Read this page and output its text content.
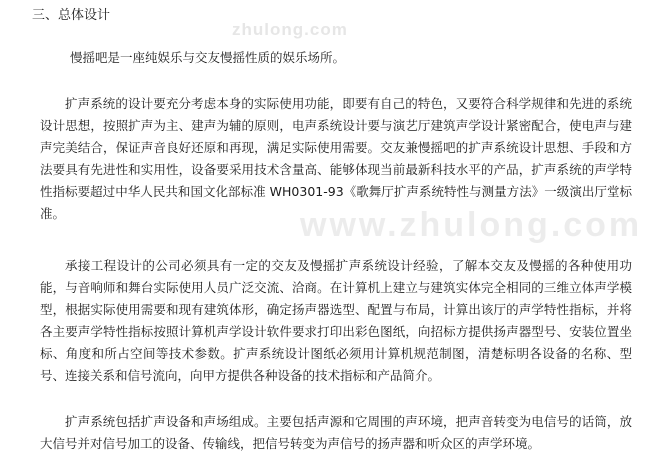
zhulong.com
www.zhulong.com
三、总体设计

慢摇吧是一座纯娱乐与交友慢摇性质的娱乐场所。

扩声系统的设计要充分考虑本身的实际使用功能，即要有自己的特色，又要符合科学规律和先进的系统设计思想，按照扩声为主、建声为辅的原则，电声系统设计要与演艺厅建筑声学设计紧密配合，使电声与建声完美结合，保证声音良好还原和再现，满足实际使用需要。交友兼慢摇吧的扩声系统设计思想、手段和方法要具有先进性和实用性，设备要采用技术含量高、能够体现当前最新科技水平的产品，扩声系统的声学特性指标要超过中华人民共和国文化部标准 WH0301-93《歌舞厅扩声系统特性与测量方法》一级演出厅堂标准。

承接工程设计的公司必须具有一定的交友及慢摇扩声系统设计经验，了解本交友及慢摇的各种使用功能，与音响师和舞台实际使用人员广泛交流、洽商。在计算机上建立与建筑实体完全相同的三维立体声学模型，根据实际使用需要和现有建筑体形，确定扬声器选型、配置与布局，计算出该厅的声学特性指标，并将各主要声学特性指标按照计算机声学设计软件要求打印出彩色图纸，向招标方提供扬声器型号、安装位置坐标、角度和所占空间等技术参数。扩声系统设计图纸必须用计算机规范制图，清楚标明各设备的名称、型号、连接关系和信号流向，向甲方提供各种设备的技术指标和产品简介。

扩声系统包括扩声设备和声场组成。主要包括声源和它周围的声环境，把声音转变为电信号的话筒，放大信号并对信号加工的设备、传输线，把信号转变为声信号的扬声器和听众区的声学环境。
